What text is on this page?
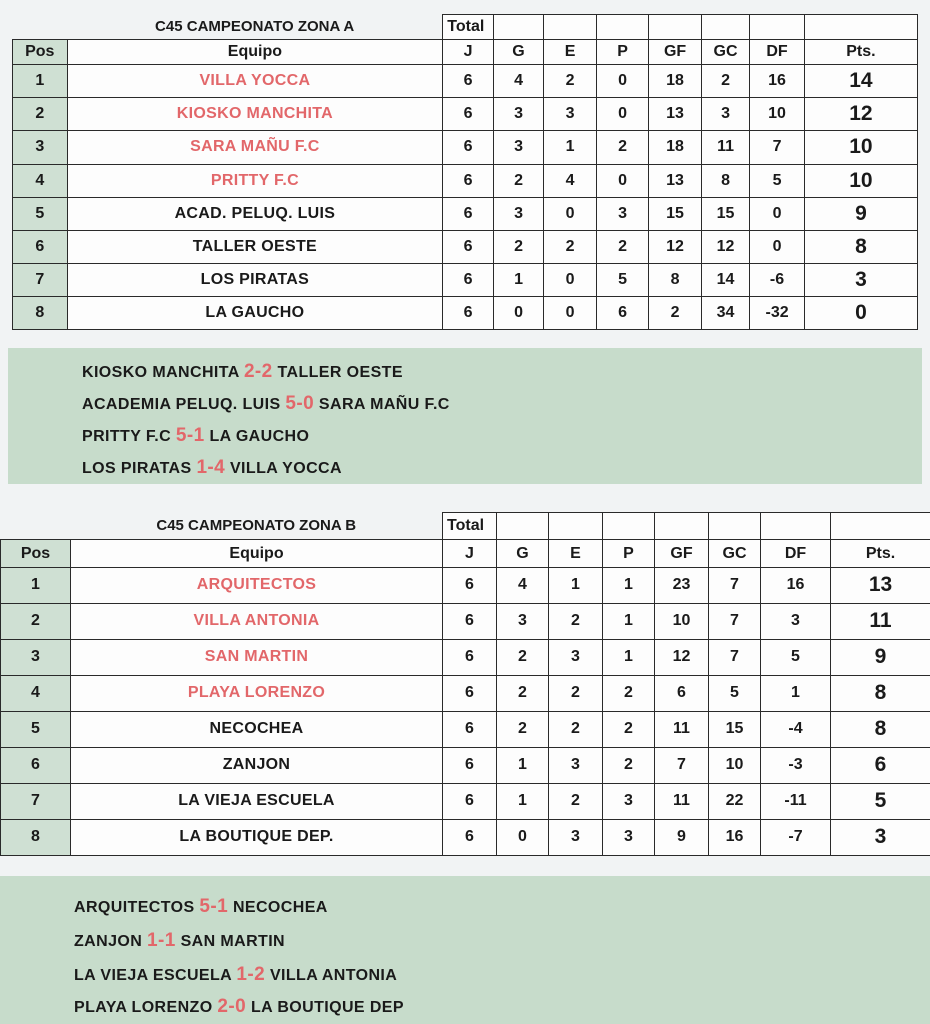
	C45 CAMPEONATO ZONA A	Total							
Pos	Equipo	J	G	E	P	GF	GC	DF	Pts.
1	VILLA YOCCA	6	4	2	0	18	2	16	14
2	KIOSKO MANCHITA	6	3	3	0	13	3	10	12
3	SARA MAÑU F.C	6	3	1	2	18	11	7	10
4	PRITTY F.C	6	2	4	0	13	8	5	10
5	ACAD. PELUQ. LUIS	6	3	0	3	15	15	0	9
6	TALLER OESTE	6	2	2	2	12	12	0	8
7	LOS PIRATAS	6	1	0	5	8	14	-6	3
8	LA GAUCHO	6	0	0	6	2	34	-32	0
KIOSKO MANCHITA 2-2 TALLER OESTE
ACADEMIA PELUQ. LUIS 5-0 SARA MAÑU F.C
PRITTY F.C 5-1 LA GAUCHO
LOS PIRATAS 1-4 VILLA YOCCA
	C45 CAMPEONATO ZONA B	Total							
Pos	Equipo	J	G	E	P	GF	GC	DF	Pts.
1	ARQUITECTOS	6	4	1	1	23	7	16	13
2	VILLA ANTONIA	6	3	2	1	10	7	3	11
3	SAN MARTIN	6	2	3	1	12	7	5	9
4	PLAYA LORENZO	6	2	2	2	6	5	1	8
5	NECOCHEA	6	2	2	2	11	15	-4	8
6	ZANJON	6	1	3	2	7	10	-3	6
7	LA VIEJA ESCUELA	6	1	2	3	11	22	-11	5
8	LA BOUTIQUE DEP.	6	0	3	3	9	16	-7	3
ARQUITECTOS 5-1 NECOCHEA
ZANJON 1-1 SAN MARTIN
LA VIEJA ESCUELA 1-2 VILLA ANTONIA
PLAYA LORENZO 2-0 LA BOUTIQUE DEP
